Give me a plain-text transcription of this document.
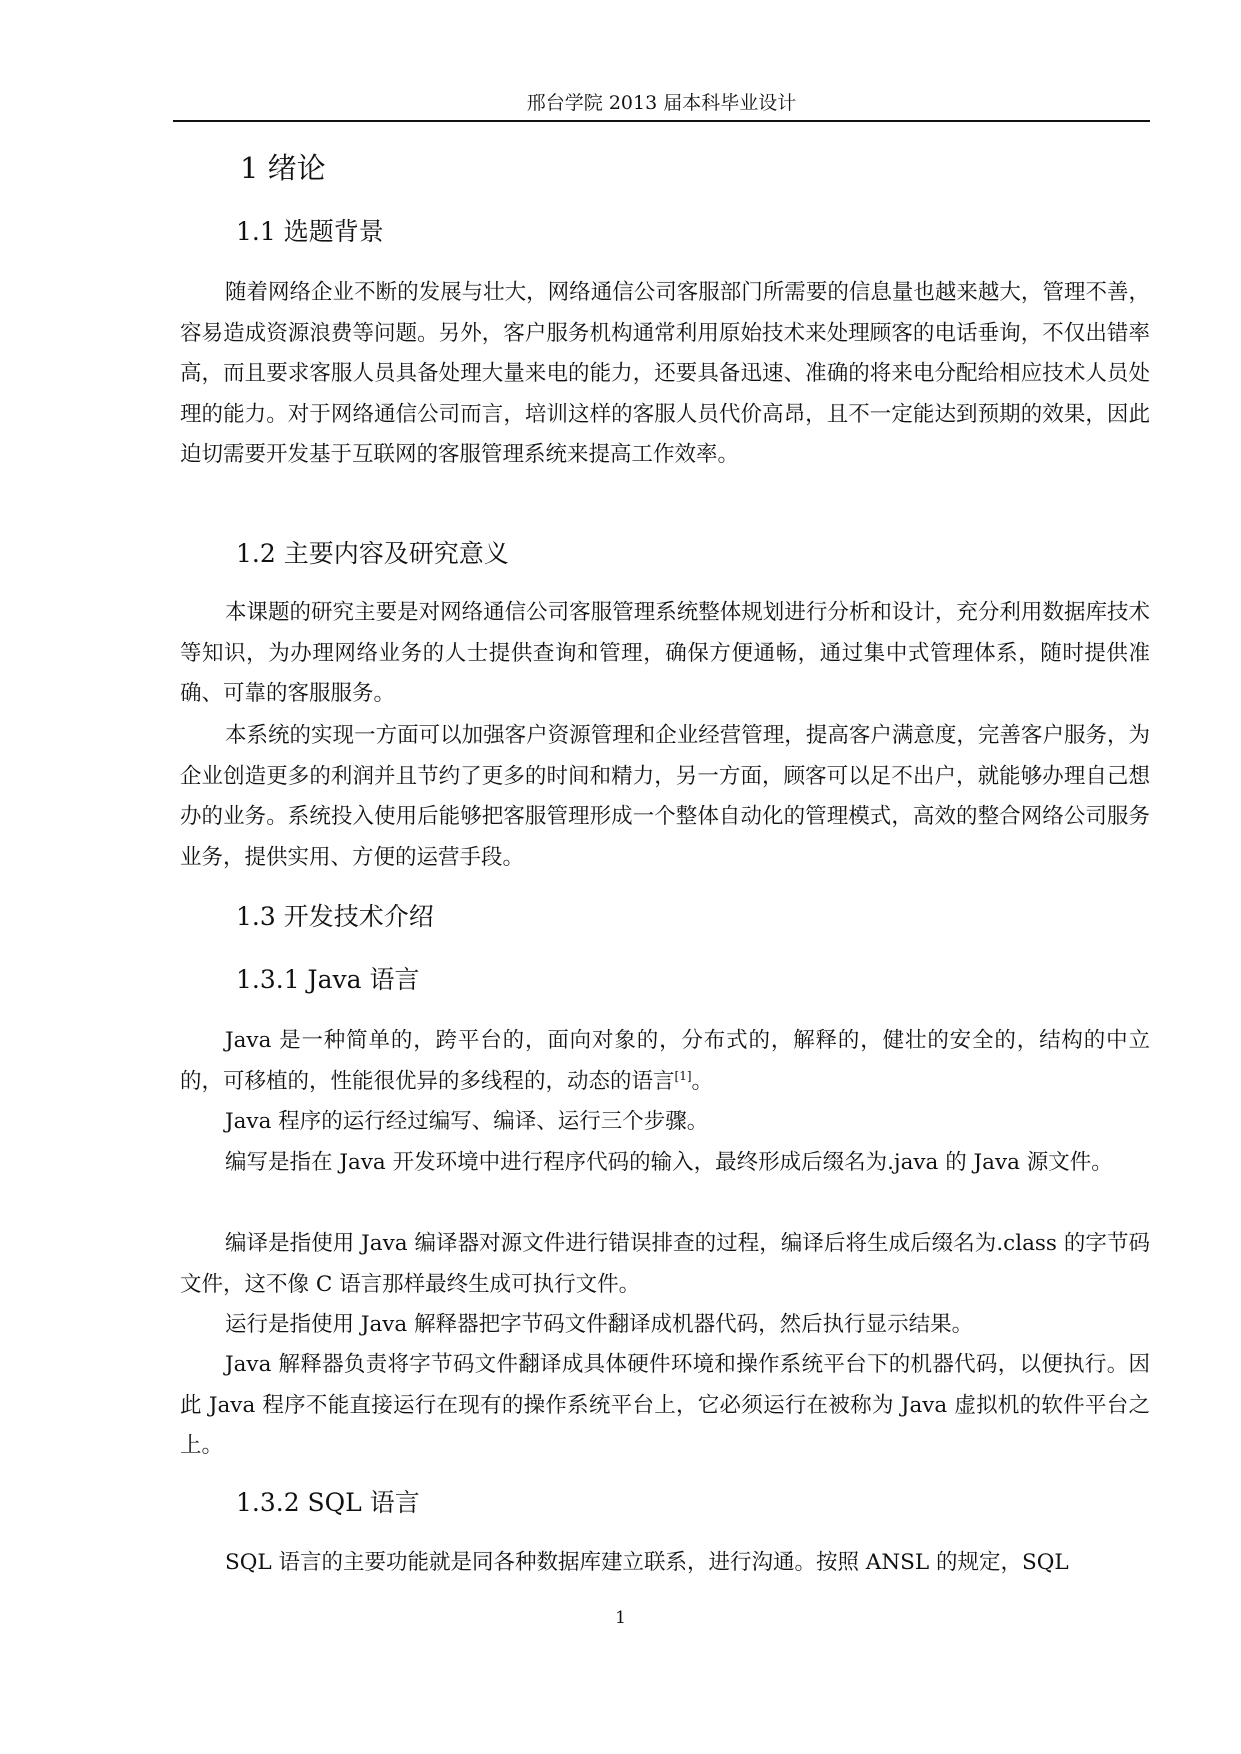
邢台学院 2013 届本科毕业设计
1 绪论
1.1 选题背景

随着网络企业不断的发展与壮大，网络通信公司客服部门所需要的信息量也越来越大，管理不善，容易造成资源浪费等问题。另外，客户服务机构通常利用原始技术来处理顾客的电话垂询，不仅出错率高，而且要求客服人员具备处理大量来电的能力，还要具备迅速、准确的将来电分配给相应技术人员处理的能力。对于网络通信公司而言，培训这样的客服人员代价高昂，且不一定能达到预期的效果，因此迫切需要开发基于互联网的客服管理系统来提高工作效率。

1.2 主要内容及研究意义

本课题的研究主要是对网络通信公司客服管理系统整体规划进行分析和设计，充分利用数据库技术等知识，为办理网络业务的人士提供查询和管理，确保方便通畅，通过集中式管理体系，随时提供准确、可靠的客服服务。

本系统的实现一方面可以加强客户资源管理和企业经营管理，提高客户满意度，完善客户服务，为企业创造更多的利润并且节约了更多的时间和精力，另一方面，顾客可以足不出户，就能够办理自己想办的业务。系统投入使用后能够把客服管理形成一个整体自动化的管理模式，高效的整合网络公司服务业务，提供实用、方便的运营手段。

1.3 开发技术介绍
1.3.1 Java 语言

Java 是一种简单的，跨平台的，面向对象的，分布式的，解释的，健壮的安全的，结构的中立的，可移植的，性能很优异的多线程的，动态的语言[1]。

Java 程序的运行经过编写、编译、运行三个步骤。

编写是指在 Java 开发环境中进行程序代码的输入，最终形成后缀名为.java 的 Java 源文件。

编译是指使用 Java 编译器对源文件进行错误排查的过程，编译后将生成后缀名为.class 的字节码文件，这不像 C 语言那样最终生成可执行文件。

运行是指使用 Java 解释器把字节码文件翻译成机器代码，然后执行显示结果。

Java 解释器负责将字节码文件翻译成具体硬件环境和操作系统平台下的机器代码，以便执行。因此 Java 程序不能直接运行在现有的操作系统平台上，它必须运行在被称为 Java 虚拟机的软件平台之上。

1.3.2 SQL 语言

SQL 语言的主要功能就是同各种数据库建立联系，进行沟通。按照 ANSL 的规定，SQL

1
